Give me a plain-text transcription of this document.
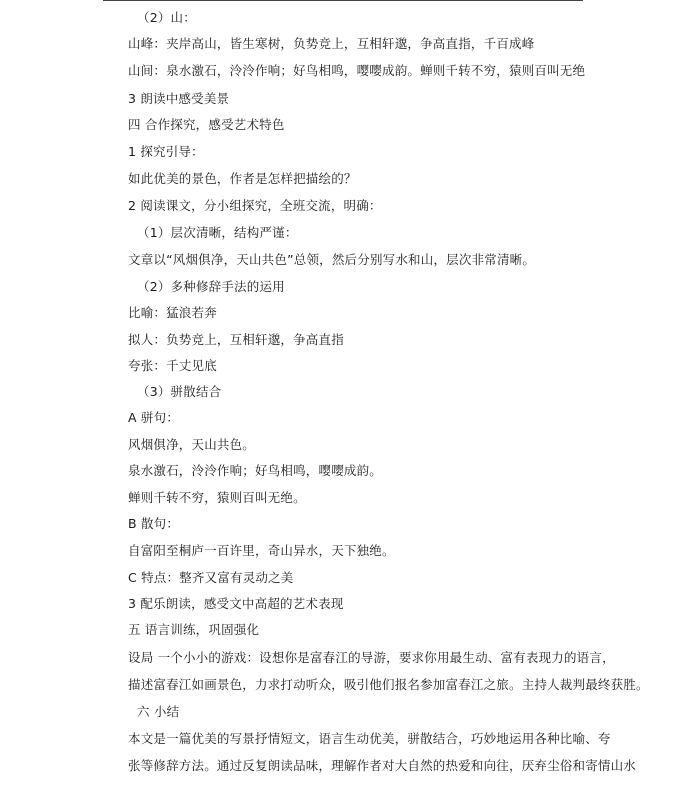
（2）山：
山峰：夹岸高山，皆生寒树，负势竞上，互相轩邈，争高直指，千百成峰
山间：泉水激石，泠泠作响；好鸟相鸣，嘤嘤成韵。蝉则千转不穷，猿则百叫无绝
3 朗读中感受美景
四 合作探究，感受艺术特色
1 探究引导：
如此优美的景色，作者是怎样把描绘的？
2 阅读课文，分小组探究，全班交流，明确：
（1）层次清晰，结构严谨：
文章以“风烟俱净，天山共色”总领，然后分别写水和山，层次非常清晰。
（2）多种修辞手法的运用
比喻：猛浪若奔
拟人：负势竞上，互相轩邈，争高直指
夸张：千丈见底
（3）骈散结合
A 骈句：
风烟俱净，天山共色。
泉水激石，泠泠作响；好鸟相鸣，嘤嘤成韵。
蝉则千转不穷，猿则百叫无绝。
B 散句：
自富阳至桐庐一百许里，奇山异水，天下独绝。
C 特点：整齐又富有灵动之美
3 配乐朗读，感受文中高超的艺术表现
五 语言训练，巩固强化
设局 一个小小的游戏：设想你是富春江的导游，要求你用最生动、富有表现力的语言，
描述富春江如画景色，力求打动听众，吸引他们报名参加富春江之旅。主持人裁判最终获胜。
六 小结
本文是一篇优美的写景抒情短文，语言生动优美，骈散结合，巧妙地运用各种比喻、夸
张等修辞方法。通过反复朗读品味，理解作者对大自然的热爱和向往，厌弃尘俗和寄情山水
